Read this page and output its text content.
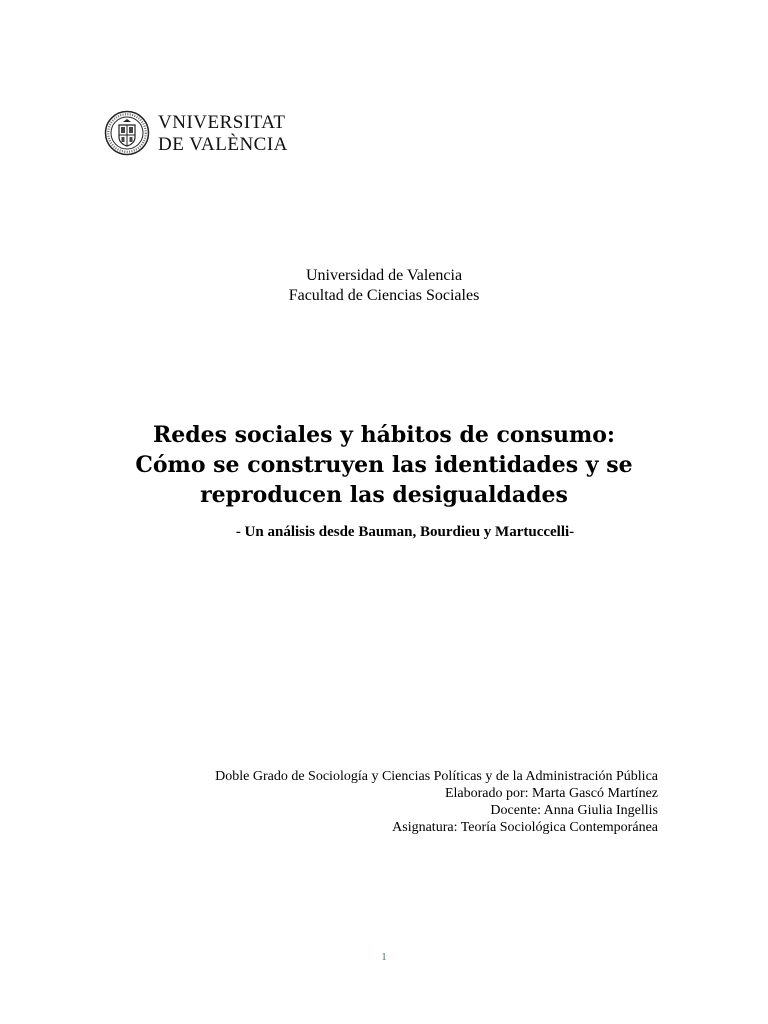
VNIVERSITAT
DE VALÈNCIA
Universidad de Valencia
Facultad de Ciencias Sociales
Redes sociales y hábitos de consumo:
Cómo se construyen las identidades y se
reproducen las desigualdades
- Un análisis desde Bauman, Bourdieu y Martuccelli-
Doble Grado de Sociología y Ciencias Políticas y de la Administración Pública
Elaborado por: Marta Gascó Martínez
Docente: Anna Giulia Ingellis
Asignatura: Teoría Sociológica Contemporánea
1
